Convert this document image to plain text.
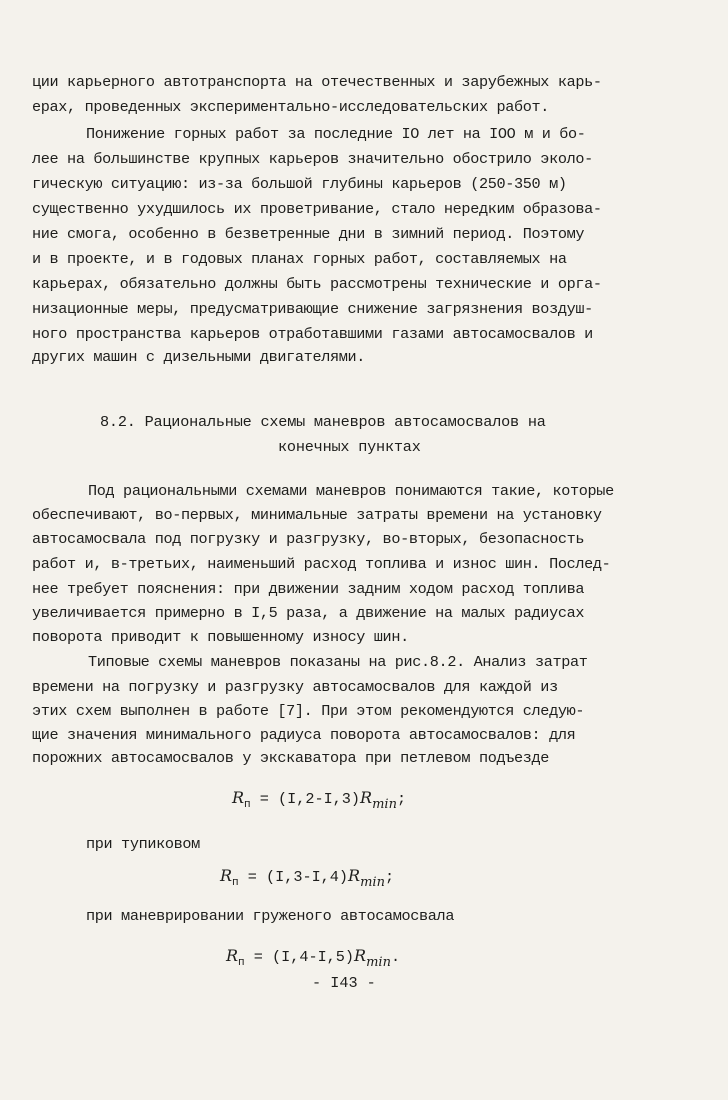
ции карьерного автотранспорта на отечественных и зарубежных карь-

ерах, проведенных экспериментально-исследовательских работ.

Понижение горных работ за последние IO лет на IOO м и бо-

лее на большинстве крупных карьеров значительно обострило эколо-

гическую ситуацию: из-за большой глубины карьеров (250-350 м)

существенно ухудшилось их проветривание, стало нередким образова-

ние смога, особенно в безветренные дни в зимний период. Поэтому

и в проекте, и в годовых планах горных работ, составляемых на

карьерах, обязательно должны быть рассмотрены технические и орга-

низационные меры, предусматривающие снижение загрязнения воздуш-

ного пространства карьеров отработавшими газами автосамосвалов и

других машин с дизельными двигателями.

8.2. Рациональные схемы маневров автосамосвалов на

конечных пунктах

Под рациональными схемами маневров понимаются такие, которые

обеспечивают, во-первых, минимальные затраты времени на установку

автосамосвала под погрузку и разгрузку, во-вторых, безопасность

работ и, в-третьих, наименьший расход топлива и износ шин. Послед-

нее требует пояснения: при движении задним ходом расход топлива

увеличивается примерно в I,5 раза, а движение на малых радиусах

поворота приводит к повышенному износу шин.

Типовые схемы маневров показаны на рис.8.2. Анализ затрат

времени на погрузку и разгрузку автосамосвалов для каждой из

этих схем выполнен в работе [7]. При этом рекомендуются следую-

щие значения минимального радиуса поворота автосамосвалов: для

порожних автосамосвалов у экскаватора при петлевом подъезде

$R_п = (I,2-I,3)Rmin$;

при тупиковом

$R_п = (I,3-I,4)Rmin$;

при маневрировании груженого автосамосвала

$R_п = (I,4-I,5)Rmin$.

- I43 -
